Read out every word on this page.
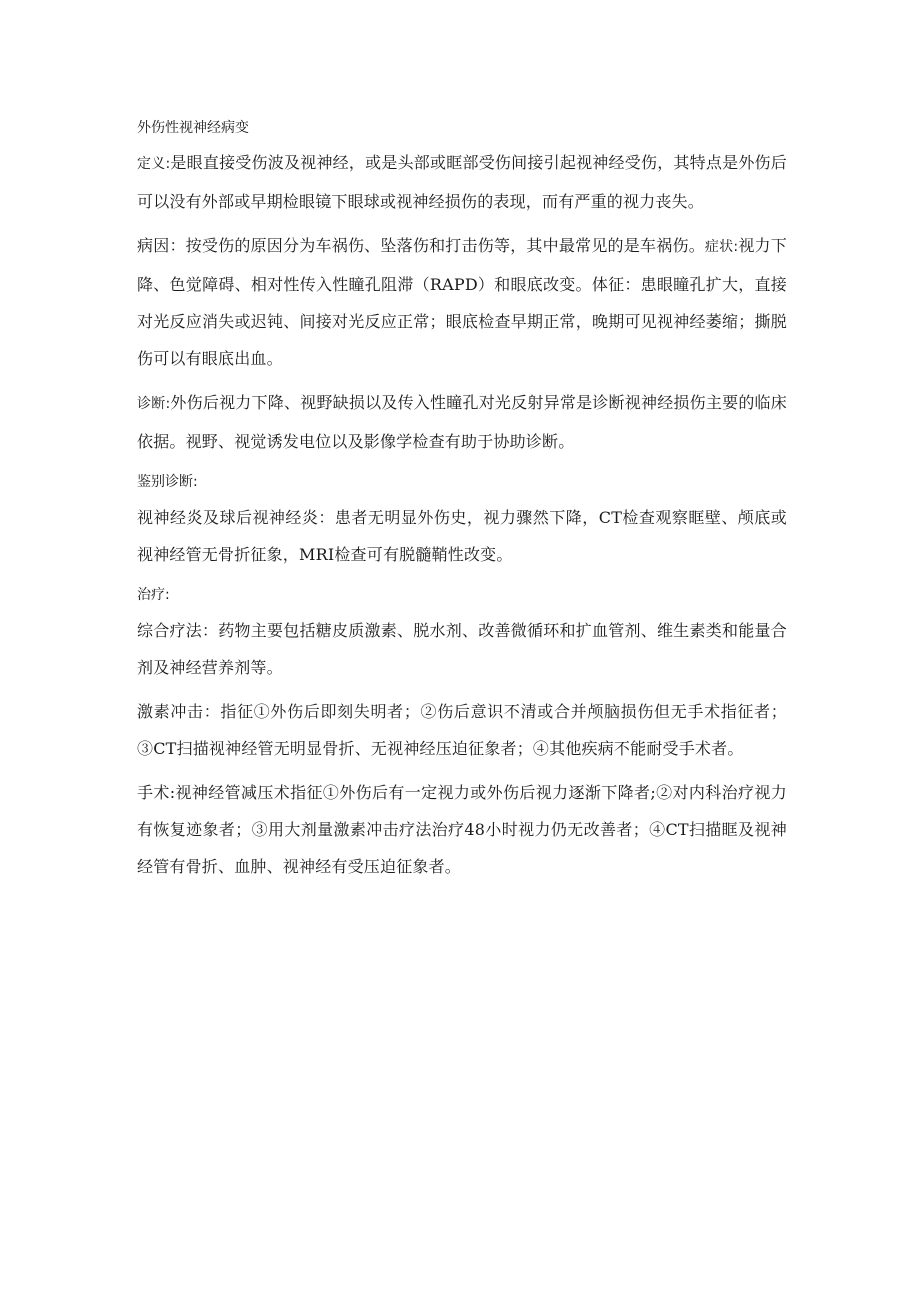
外伤性视神经病变

定义:是眼直接受伤波及视神经，或是头部或眶部受伤间接引起视神经受伤，其特点是外伤后可以没有外部或早期检眼镜下眼球或视神经损伤的表现，而有严重的视力丧失。

病因：按受伤的原因分为车祸伤、坠落伤和打击伤等，其中最常见的是车祸伤。症状:视力下降、色觉障碍、相对性传入性瞳孔阻滞（RAPD）和眼底改变。体征：患眼瞳孔扩大，直接对光反应消失或迟钝、间接对光反应正常；眼底检查早期正常，晚期可见视神经萎缩；撕脱伤可以有眼底出血。

诊断:外伤后视力下降、视野缺损以及传入性瞳孔对光反射异常是诊断视神经损伤主要的临床依据。视野、视觉诱发电位以及影像学检查有助于协助诊断。

鉴别诊断:

视神经炎及球后视神经炎：患者无明显外伤史，视力骤然下降，CT检查观察眶壁、颅底或视神经管无骨折征象，MRI检查可有脱髓鞘性改变。

治疗:

综合疗法：药物主要包括糖皮质激素、脱水剂、改善微循环和扩血管剂、维生素类和能量合剂及神经营养剂等。

激素冲击：指征①外伤后即刻失明者；②伤后意识不清或合并颅脑损伤但无手术指征者；③CT扫描视神经管无明显骨折、无视神经压迫征象者；④其他疾病不能耐受手术者。

手术:视神经管减压术指征①外伤后有一定视力或外伤后视力逐渐下降者;②对内科治疗视力有恢复迹象者；③用大剂量激素冲击疗法治疗48小时视力仍无改善者；④CT扫描眶及视神经管有骨折、血肿、视神经有受压迫征象者。
